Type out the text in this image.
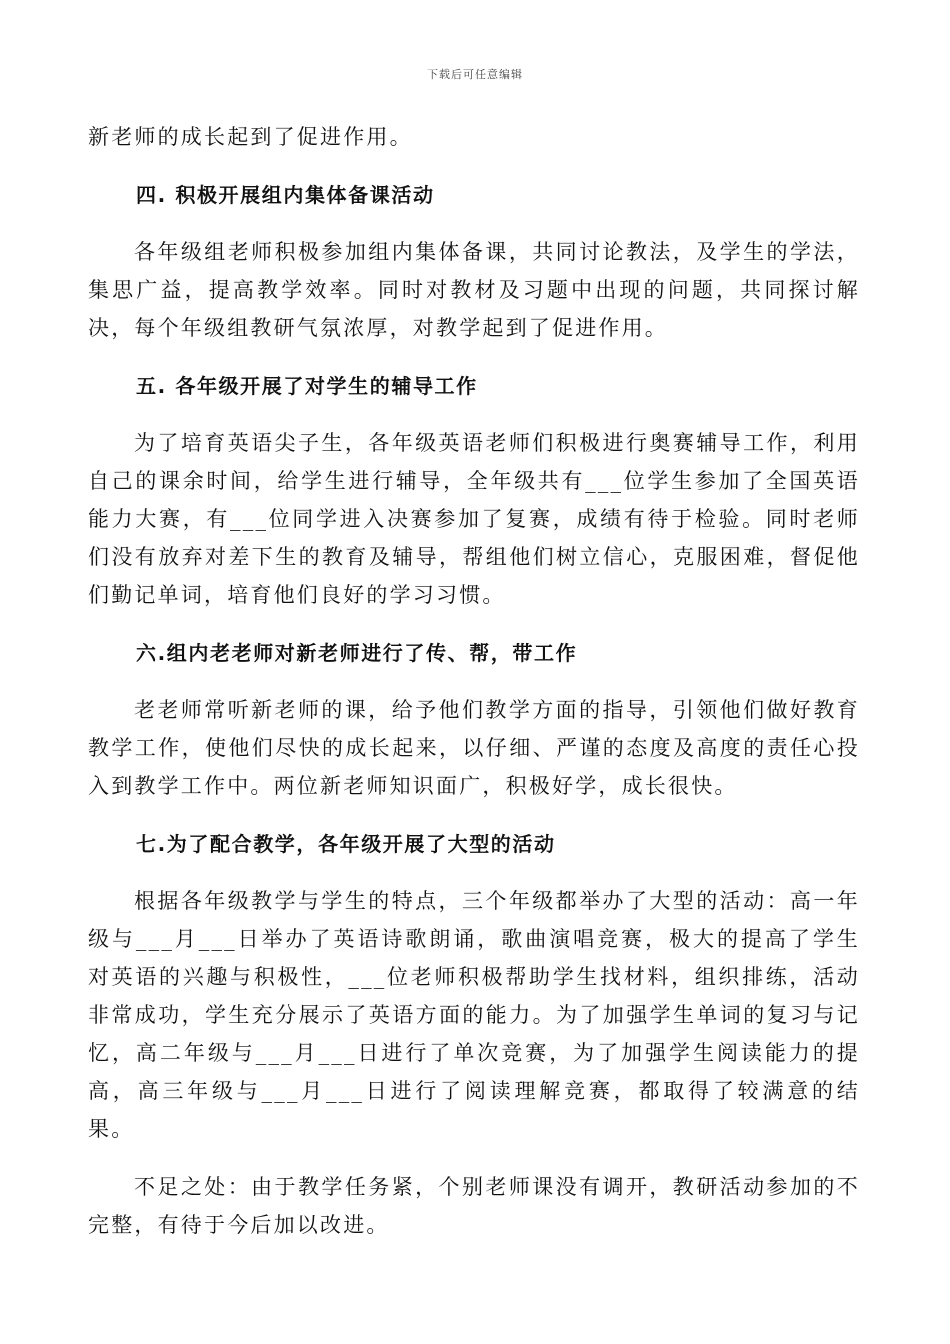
下载后可任意编辑

新老师的成长起到了促进作用。

四. 积极开展组内集体备课活动

各年级组老师积极参加组内集体备课，共同讨论教法，及学生的学法，集思广益，提高教学效率。同时对教材及习题中出现的问题，共同探讨解决，每个年级组教研气氛浓厚，对教学起到了促进作用。

五. 各年级开展了对学生的辅导工作

为了培育英语尖子生，各年级英语老师们积极进行奥赛辅导工作，利用自己的课余时间，给学生进行辅导，全年级共有___位学生参加了全国英语能力大赛，有___位同学进入决赛参加了复赛，成绩有待于检验。同时老师们没有放弃对差下生的教育及辅导，帮组他们树立信心，克服困难，督促他们勤记单词，培育他们良好的学习习惯。

六.组内老老师对新老师进行了传、帮，带工作

老老师常听新老师的课，给予他们教学方面的指导，引领他们做好教育教学工作，使他们尽快的成长起来，以仔细、严谨的态度及高度的责任心投入到教学工作中。两位新老师知识面广，积极好学，成长很快。

七.为了配合教学，各年级开展了大型的活动

根据各年级教学与学生的特点，三个年级都举办了大型的活动：高一年级与___月___日举办了英语诗歌朗诵，歌曲演唱竞赛，极大的提高了学生对英语的兴趣与积极性，___位老师积极帮助学生找材料，组织排练，活动非常成功，学生充分展示了英语方面的能力。为了加强学生单词的复习与记忆，高二年级与___月___日进行了单次竞赛，为了加强学生阅读能力的提高，高三年级与___月___日进行了阅读理解竞赛，都取得了较满意的结果。

不足之处：由于教学任务紧，个别老师课没有调开，教研活动参加的不完整，有待于今后加以改进。
